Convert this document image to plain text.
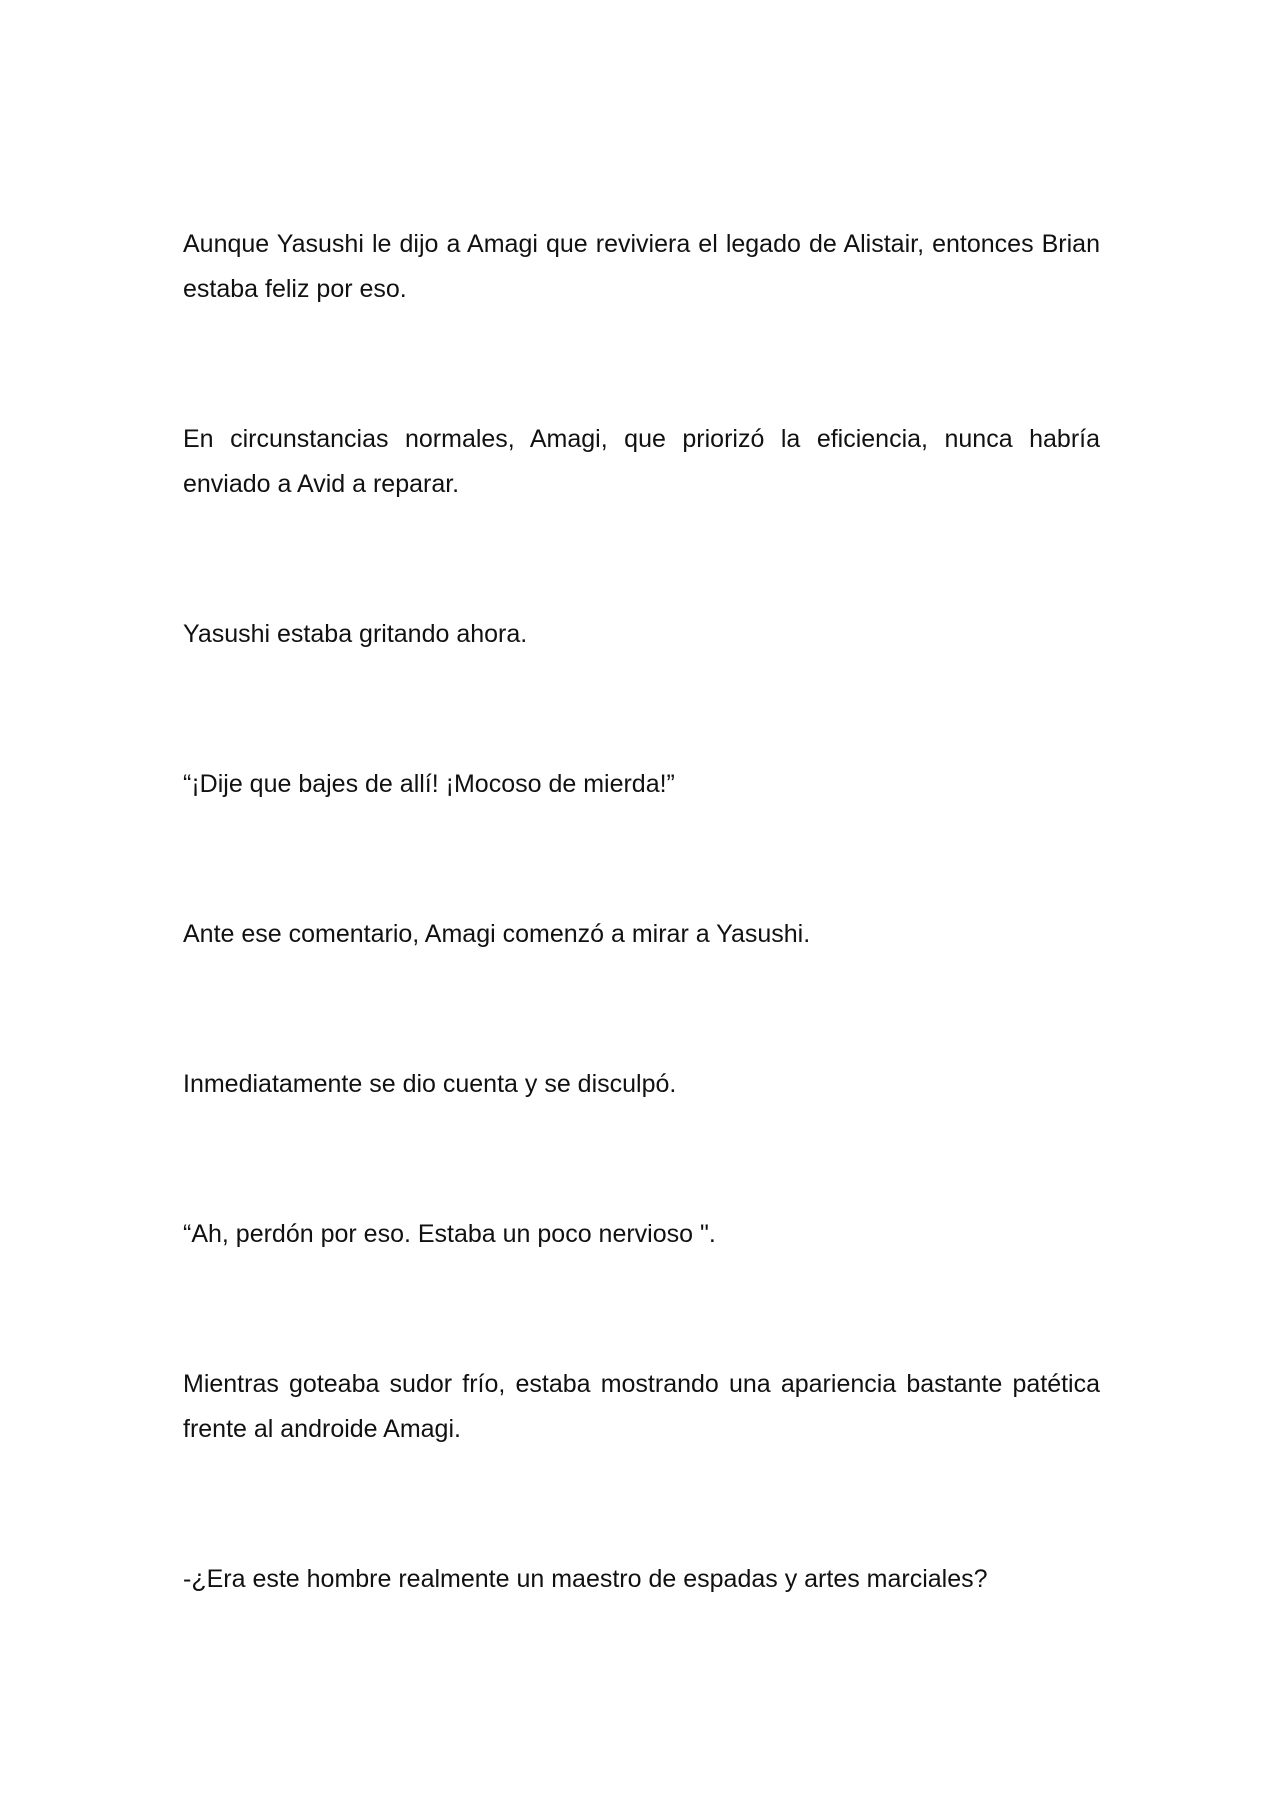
Aunque Yasushi le dijo a Amagi que reviviera el legado de Alistair, entonces Brian estaba feliz por eso.

En circunstancias normales, Amagi, que priorizó la eficiencia, nunca habría enviado a Avid a reparar.

Yasushi estaba gritando ahora.

“¡Dije que bajes de allí! ¡Mocoso de mierda!”

Ante ese comentario, Amagi comenzó a mirar a Yasushi.

Inmediatamente se dio cuenta y se disculpó.

“Ah, perdón por eso. Estaba un poco nervioso ".

Mientras goteaba sudor frío, estaba mostrando una apariencia bastante patética frente al androide Amagi.

-¿Era este hombre realmente un maestro de espadas y artes marciales?
